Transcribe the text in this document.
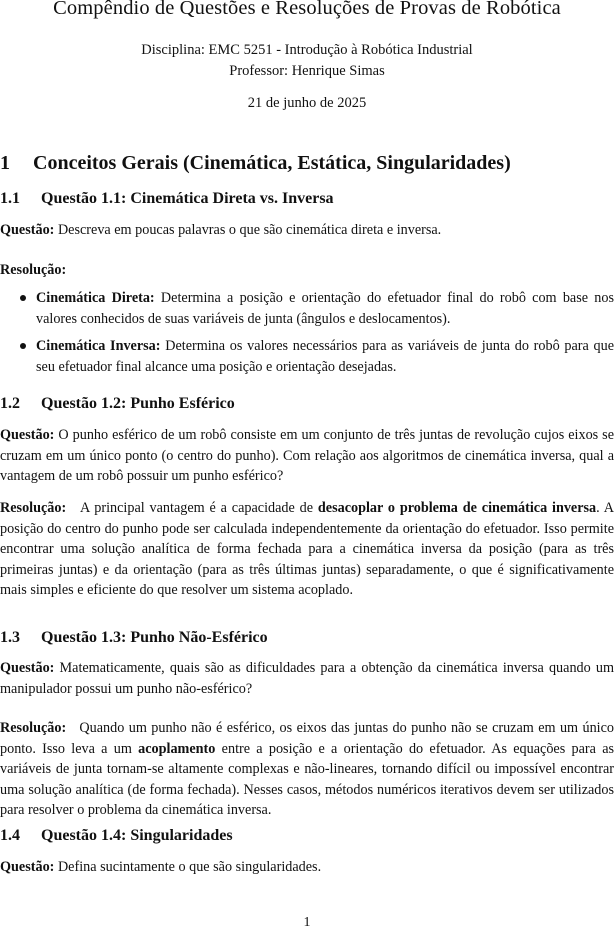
Compêndio de Questões e Resoluções de Provas de Robótica
Disciplina: EMC 5251 - Introdução à Robótica Industrial
Professor: Henrique Simas
21 de junho de 2025
1 Conceitos Gerais (Cinemática, Estática, Singularidades)
1.1 Questão 1.1: Cinemática Direta vs. Inversa
Questão: Descreva em poucas palavras o que são cinemática direta e inversa.
Resolução:
Cinemática Direta: Determina a posição e orientação do efetuador final do robô com base nos valores conhecidos de suas variáveis de junta (ângulos e deslocamentos).
Cinemática Inversa: Determina os valores necessários para as variáveis de junta do robô para que seu efetuador final alcance uma posição e orientação desejadas.
1.2 Questão 1.2: Punho Esférico
Questão: O punho esférico de um robô consiste em um conjunto de três juntas de revolução cujos eixos se cruzam em um único ponto (o centro do punho). Com relação aos algoritmos de cinemática inversa, qual a vantagem de um robô possuir um punho esférico?
Resolução: A principal vantagem é a capacidade de desacoplar o problema de cinemática inversa. A posição do centro do punho pode ser calculada independentemente da orientação do efetuador. Isso permite encontrar uma solução analítica de forma fechada para a cinemática inversa da posição (para as três primeiras juntas) e da orientação (para as três últimas juntas) separadamente, o que é significativamente mais simples e eficiente do que resolver um sistema acoplado.
1.3 Questão 1.3: Punho Não-Esférico
Questão: Matematicamente, quais são as dificuldades para a obtenção da cinemática inversa quando um manipulador possui um punho não-esférico?
Resolução: Quando um punho não é esférico, os eixos das juntas do punho não se cruzam em um único ponto. Isso leva a um acoplamento entre a posição e a orientação do efetuador. As equações para as variáveis de junta tornam-se altamente complexas e não-lineares, tornando difícil ou impossível encontrar uma solução analítica (de forma fechada). Nesses casos, métodos numéricos iterativos devem ser utilizados para resolver o problema da cinemática inversa.
1.4 Questão 1.4: Singularidades
Questão: Defina sucintamente o que são singularidades.
1
